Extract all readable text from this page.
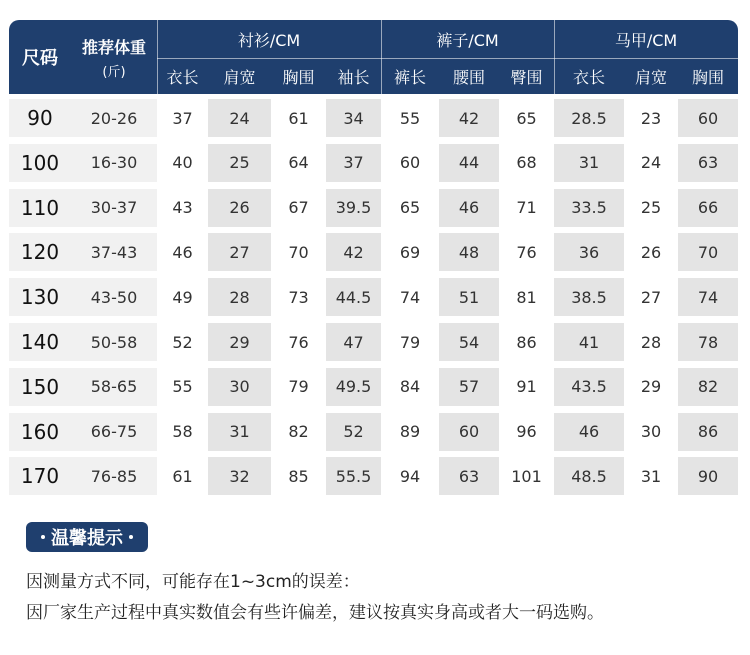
尺码
推荐体重
(斤)
衬衫/CM	裤子/CM	马甲/CM
衣长	肩宽	胸围	袖长	裤长	腰围	臀围	衣长	肩宽	胸围
90	20-26	37	24	61	34	55	42	65	28.5	23	60
100	16-30	40	25	64	37	60	44	68	31	24	63
110	30-37	43	26	67	39.5	65	46	71	33.5	25	66
120	37-43	46	27	70	42	69	48	76	36	26	70
130	43-50	49	28	73	44.5	74	51	81	38.5	27	74
140	50-58	52	29	76	47	79	54	86	41	28	78
150	58-65	55	30	79	49.5	84	57	91	43.5	29	82
160	66-75	58	31	82	52	89	60	96	46	30	86
170	76-85	61	32	85	55.5	94	63	101	48.5	31	90
温馨提示
因测量方式不同，可能存在1~3cm的误差：
因厂家生产过程中真实数值会有些许偏差，建议按真实身高或者大一码选购。
